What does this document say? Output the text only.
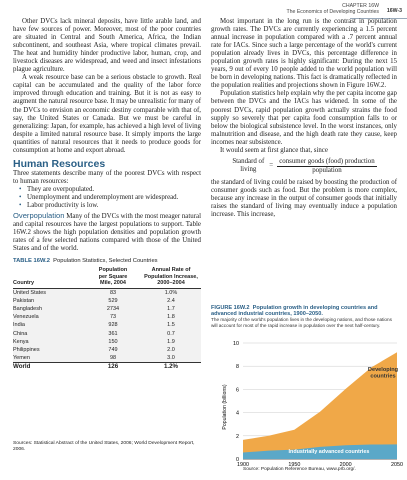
CHAPTER 16W
The Economics of Developing Countries 16W-3

Other DVCs lack mineral deposits, have little arable land, and have few sources of power. Moreover, most of the poor countries are situated in Central and South America, Africa, the Indian subcontinent, and southeast Asia, where tropical climates prevail. The heat and humidity hinder productive labor, human, crop, and livestock diseases are widespread, and weed and insect infestations plague agriculture.

A weak resource base can be a serious obstacle to growth. Real capital can be accumulated and the quality of the labor force improved through education and training. But it is not as easy to augment the natural resource base. It may be unrealistic for many of the DVCs to envision an economic destiny comparable with that of, say, the United States or Canada. But we must be careful in generalizing: Japan, for example, has achieved a high level of living despite a limited natural resource base. It simply imports the large quantities of natural resources that it needs to produce goods for consumption at home and export abroad.

Human Resources

Three statements describe many of the poorest DVCs with respect to human resources:

• They are overpopulated.
• Unemployment and underemployment are widespread.
• Labor productivity is low.

Overpopulation Many of the DVCs with the most meager natural and capital resources have the largest populations to support. Table 16W.2 shows the high population densities and population growth rates of a few selected nations compared with those of the United States and of the world.

Most important in the long run is the contrast in population growth rates. The DVCs are currently experiencing a 1.5 percent annual increase in population compared with a .7 percent annual rate for IACs. Since such a large percentage of the world's current population already lives in DVCs, this percentage difference in population growth rates is highly significant: During the next 15 years, 9 out of every 10 people added to the world population will be born in developing nations. This fact is dramatically reflected in the population realities and projections shown in Figure 16W.2.

Population statistics help explain why the per capita income gap between the DVCs and the IACs has widened. In some of the poorest DVCs, rapid population growth actually strains the food supply so severely that per capita food consumption falls to or below the biological subsistence level. In the worst instances, only malnutrition and disease, and the high death rate they cause, keep incomes near subsistence.

It would seem at first glance that, since

Standard of living
= $\frac{\text{consumer goods (food) production}}{\text{population}}$

the standard of living could be raised by boosting the production of consumer goods such as food. But the problem is more complex, because any increase in the output of consumer goods that initially raises the standard of living may eventually induce a population increase. This increase,

TABLE 16W.2 Population Statistics, Selected Countries
	Population	Annual Rate of
	per Square	Population Increase,
Country	Mile, 2004	2000–2004
United States	83	1.0%
Pakistan	529	2.4
Bangladesh	2734	1.7
Venezuela	73	1.8
India	928	1.5
China	361	0.7
Kenya	150	1.9
Philippines	749	2.0
Yemen	98	3.0
World	126	1.2%
Sources: Statistical Abstract of the United States, 2006; World Development Report, 2006.
FIGURE 16W.2 Population growth in developing countries and advanced industrial countries, 1900–2050.
The majority of the world's population lives in the developing nations, and those nations will account for most of the rapid increase in population over the next half-century.
0
2
4
6
8
10
1900	1950	2000	2050
Population (billions)
Developing countries
Industrially advanced countries
Source: Population Reference Bureau, www.prb.org/.
